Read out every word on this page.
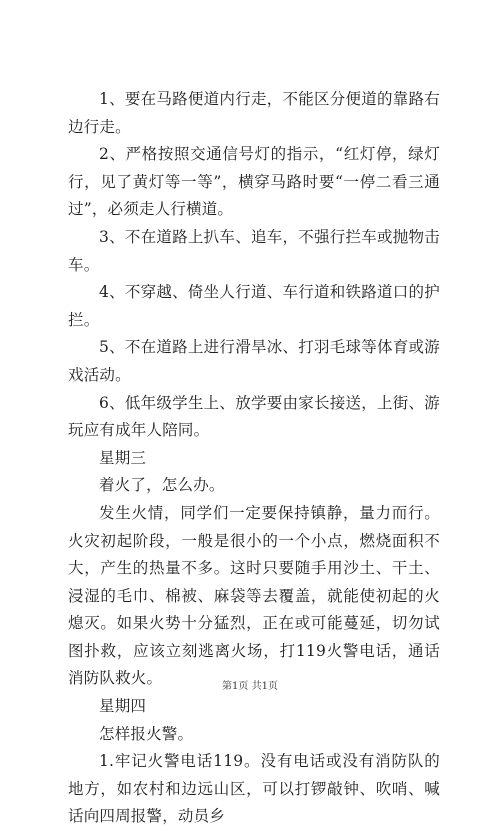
1、要在马路便道内行走，不能区分便道的靠路右边行走。

2、严格按照交通信号灯的指示，“红灯停，绿灯行，见了黄灯等一等”，横穿马路时要“一停二看三通过”，必须走人行横道。

3、不在道路上扒车、追车，不强行拦车或抛物击车。

4、不穿越、倚坐人行道、车行道和铁路道口的护拦。

5、不在道路上进行滑旱冰、打羽毛球等体育或游戏活动。

6、低年级学生上、放学要由家长接送，上街、游玩应有成年人陪同。

星期三

着火了，怎么办。

发生火情，同学们一定要保持镇静，量力而行。火灾初起阶段，一般是很小的一个小点，燃烧面积不大，产生的热量不多。这时只要随手用沙土、干土、浸湿的毛巾、棉被、麻袋等去覆盖，就能使初起的火熄灭。如果火势十分猛烈，正在或可能蔓延，切勿试图扑救，应该立刻逃离火场，打119火警电话，通话消防队救火。

星期四

怎样报火警。

1.牢记火警电话119。没有电话或没有消防队的地方，如农村和边远山区，可以打锣敲钟、吹哨、喊话向四周报警，动员乡

第1页 共1页
